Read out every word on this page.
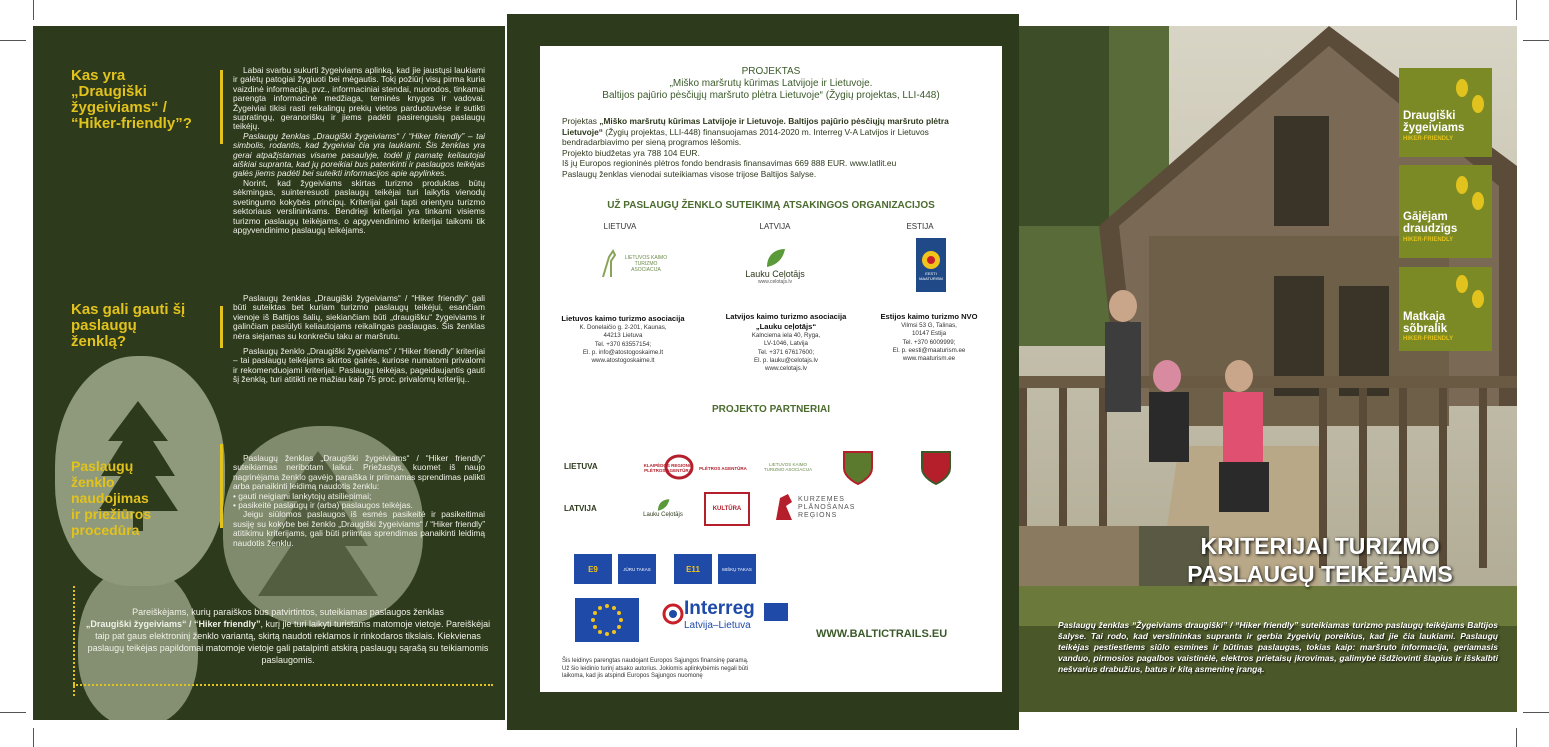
Kas yra
„Draugiški
žygeiviams“ /
“Hiker-friendly”?

Labai svarbu sukurti žygeiviams aplinką, kad jie jaustųsi laukiami ir galėtų patogiai žygiuoti bei mėgautis. Tokį požiūrį visų pirma kuria vaizdinė informacija, pvz., informaciniai stendai, nuorodos, tinkamai parengta informacinė medžiaga, teminės knygos ir vadovai. Žygeiviai tikisi rasti reikalingų prekių vietos parduotuvėse ir sutikti supratingų, geranoriškų ir jiems padėti pasirengusių paslaugų teikėjų.

Paslaugų ženklas „Draugiški žygeiviams“ / “Hiker friendly” – tai simbolis, rodantis, kad žygeiviai čia yra laukiami. Šis ženklas yra gerai atpažįstamas visame pasaulyje, todėl jį pamatę keliautojai aiškiai supranta, kad jų poreikiai bus patenkinti ir paslaugos teikėjas galės jiems padėti bei suteikti informacijos apie apylinkes.

Norint, kad žygeiviams skirtas turizmo produktas būtų sėkmingas, suinteresuoti paslaugų teikėjai turi laikytis vienodų svetingumo kokybės principų. Kriterijai gali tapti orientyru turizmo sektoriaus verslininkams. Bendrieji kriterijai yra tinkami visiems turizmo paslaugų teikėjams, o apgyvendinimo kriterijai taikomi tik apgyvendinimo paslaugų teikėjams.

Kas gali gauti šį
paslaugų
ženklą?

Paslaugų ženklas „Draugiški žygeiviams“ / “Hiker friendly” gali būti suteiktas bet kuriam turizmo paslaugų teikėjui, esančiam vienoje iš Baltijos šalių, siekiančiam būti „draugišku“ žygeiviams ir galinčiam pasiūlyti keliautojams reikalingas paslaugas. Šis ženklas nėra siejamas su konkrečiu taku ar maršrutu.

Paslaugų ženklo „Draugiški žygeiviams“ / “Hiker friendly” kriterijai – tai paslaugų teikėjams skirtos gairės, kuriose numatomi privalomi ir rekomenduojami kriterijai. Paslaugų teikėjas, pageidaujantis gauti šį ženklą, turi atitikti ne mažiau kaip 75 proc. privalomų kriterijų..

Paslaugų
ženklo
naudojimas
ir priežiūros
procedūra

Paslaugų ženklas „Draugiški žygeiviams“ / “Hiker friendly” suteikiamas neribotam laikui. Priežastys, kuomet iš naujo nagrinėjama ženklo gavėjo paraiška ir priimamas sprendimas palikti arba panaikinti leidimą naudotis ženklu:

• gauti neigiami lankytojų atsiliepimai;

• pasikeitė paslaugų ir (arba) paslaugos teikėjas.

Jeigu siūlomos paslaugos iš esmės pasikeitė ir pasikeitimai susiję su kokybe bei ženklo „Draugiški žygeiviams“ / “Hiker friendly” atitikimu kriterijams, gali būti priimtas sprendimas panaikinti leidimą naudotis ženklu.

Pareiškėjams, kurių paraiškos bus patvirtintos, suteikiamas paslaugos ženklas
„Draugiški žygeiviams“ / “Hiker friendly”, kurį jie turi laikyti turistams matomoje vietoje. Pareiškėjai taip pat gaus elektroninį ženklo variantą, skirtą naudoti reklamos ir rinkodaros tikslais. Kiekvienas paslaugų teikėjas papildomai matomoje vietoje gali patalpinti atskirą paslaugų sąrašą su teikiamomis paslaugomis.
PROJEKTAS
„Miško maršrutų kūrimas Latvijoje ir Lietuvoje.
Baltijos pajūrio pėsčiųjų maršruto plėtra Lietuvoje“ (Žygių projektas, LLI-448)
Projektas „Miško maršrutų kūrimas Latvijoje ir Lietuvoje. Baltijos pajūrio pėsčiųjų maršruto plėtra Lietuvoje“ (Žygių projektas, LLI-448) finansuojamas 2014-2020 m. Interreg V-A Latvijos ir Lietuvos bendradarbiavimo per sieną programos lėšomis.
Projekto biudžetas yra 788 104 EUR.
Iš jų Europos regioninės plėtros fondo bendrasis finansavimas 669 888 EUR. www.latlit.eu
Paslaugų ženklas vienodai suteikiamas visose trijose Baltijos šalyse.
UŽ PASLAUGŲ ŽENKLO SUTEIKIMĄ ATSAKINGOS ORGANIZACIJOS
LIETUVA	LATVIJA	ESTIJA
LIETUVOS KAIMO TURIZMO ASOCIACIJA	Lauku Ceļotājs
www.celotajs.lv
EESTI MAATURISM
Lietuvos kaimo turizmo asociacija
K. Donelaičio g. 2-201, Kaunas,
44213 Lietuva
Tel. +370 63557154;
El. p. info@atostogoskaime.lt
www.atostogoskaime.lt
Latvijos kaimo turizmo asociacija
„Lauku ceļotājs“
Kalnciema iela 40, Ryga,
LV-1046, Latvija
Tel. +371 67617600;
El. p. lauku@celotajs.lv
www.celotajs.lv
Estijos kaimo turizmo NVO
Vilmsi 53 G, Talinas,
10147 Estija
Tel. +370 6009999;
El. p. eesti@maaturism.ee
www.maaturism.ee
PROJEKTO PARTNERIAI
LIETUVA
LATVIJA
KLAIPĖDOS REGIONO PLĖTROS AGENTŪRA	PLĖTROS AGENTŪRA
LIETUVOS KAIMO TURIZMO ASOCIACIJA
Lauku Ceļotājs
KULTŪRA
KURZEMES PLĀNOŠANAS REĢIONS
E9	JŪRU TAKAS	E11	MIŠKŲ TAKAS
Interreg
Latvija–Lietuva
WWW.BALTICTRAILS.EU
Šis leidinys parengtas naudojant Europos Sąjungos finansinę paramą.
Už šio leidinio turinį atsako autorius. Jokiomis aplinkybėmis negali būti
laikoma, kad jis atspindi Europos Sąjungos nuomonę
Draugiški
žygeiviams
HIKER-FRIENDLY
Gājējam
draudzīgs
HIKER-FRIENDLY
Matkaja
sõbralik
HIKER-FRIENDLY
KRITERIJAI TURIZMO
PASLAUGŲ TEIKĖJAMS
Paslaugų ženklas “Žygeiviams draugiški” / “Hiker friendly” suteikiamas turizmo paslaugų teikėjams Baltijos šalyse. Tai rodo, kad verslininkas supranta ir gerbia žygeivių poreikius, kad jie čia laukiami. Paslaugų teikėjas pestiestiems siūlo esmines ir būtinas paslaugas, tokias kaip: maršruto informacija, geriamasis vanduo, pirmosios pagalbos vaistinėlė, elektros prietaisų įkrovimas, galimybė išdžiovinti šlapius ir išskalbti nešvarius drabužius, batus ir kitą asmeninę įrangą.
